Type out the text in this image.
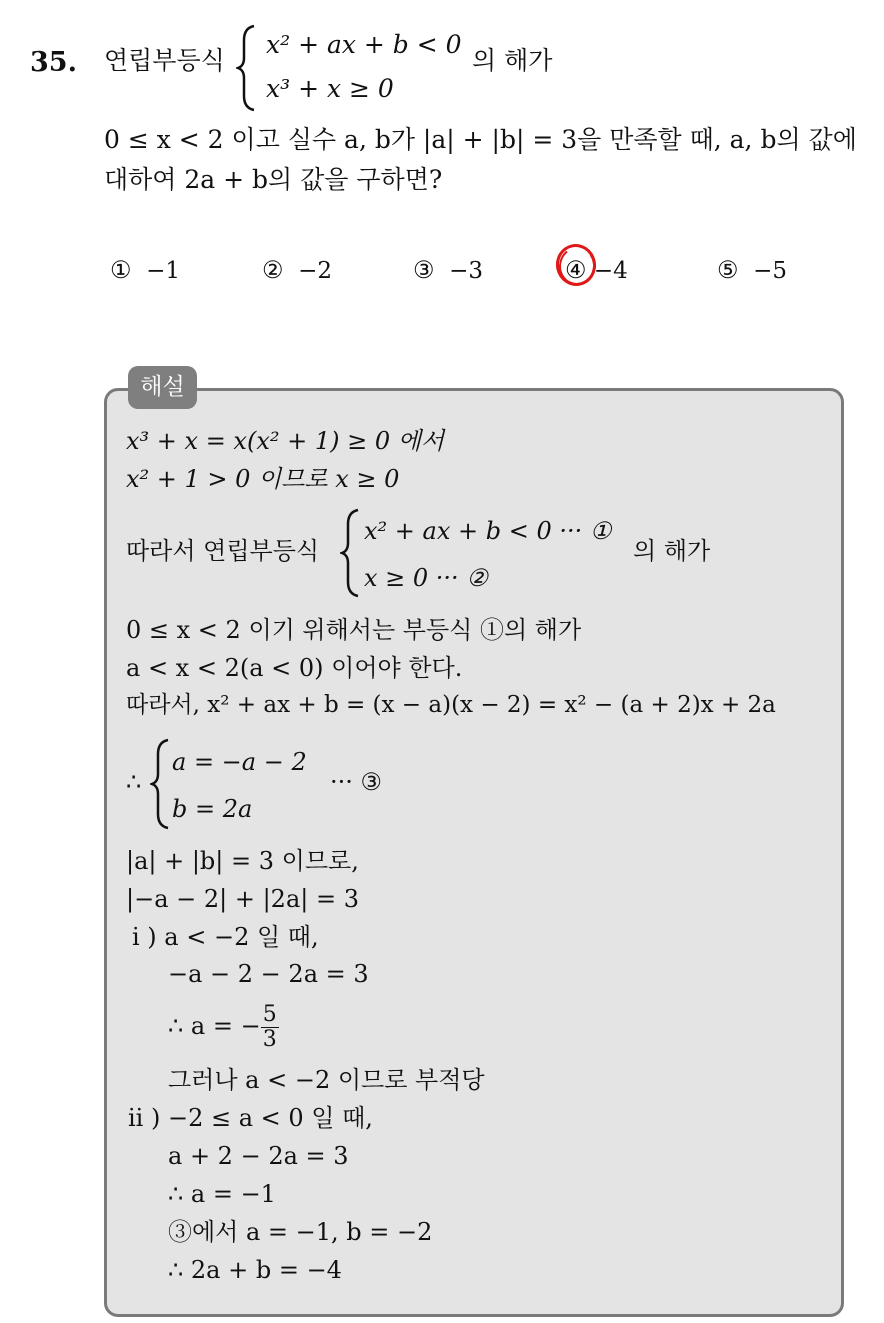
35. 연립부등식
x² + ax + b < 0
x³ + x ≥ 0
의 해가
0 ≤ x < 2 이고 실수 a, b가 |a| + |b| = 3을 만족할 때, a, b의 값에
대하여 2a + b의 값을 구하면?
① −1	② −2	③ −3	④ −4	⑤ −5
해설
x³ + x = x(x² + 1) ≥ 0 에서
x² + 1 > 0 이므로 x ≥ 0
따라서 연립부등식
x² + ax + b < 0 ··· ①
x ≥ 0 ··· ②
의 해가
0 ≤ x < 2 이기 위해서는 부등식 ①의 해가
a < x < 2(a < 0) 이어야 한다.
따라서, x² + ax + b = (x − a)(x − 2) = x² − (a + 2)x + 2a
∴
a = −a − 2
b = 2a
··· ③
|a| + |b| = 3 이므로,
|−a − 2| + |2a| = 3
i ) a < −2 일 때,
−a − 2 − 2a = 3
∴ a = − $\frac{5}{3}$
그러나 a < −2 이므로 부적당
ii ) −2 ≤ a < 0 일 때,
a + 2 − 2a = 3
∴ a = −1
③에서 a = −1, b = −2
∴ 2a + b = −4
